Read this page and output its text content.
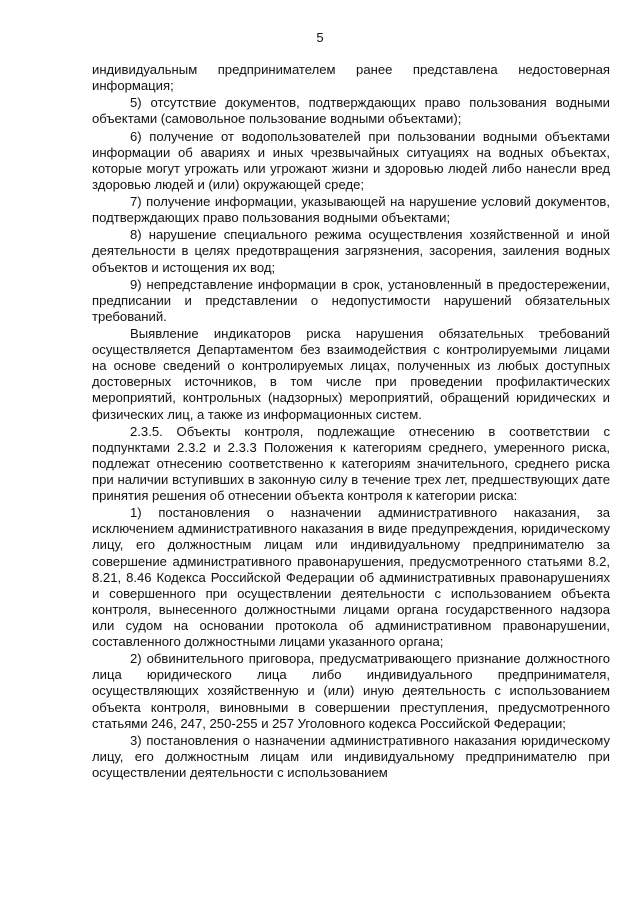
5

индивидуальным предпринимателем ранее представлена недостоверная информация;

5) отсутствие документов, подтверждающих право пользования водными объектами (самовольное пользование водными объектами);

6) получение от водопользователей при пользовании водными объектами информации об авариях и иных чрезвычайных ситуациях на водных объектах, которые могут угрожать или угрожают жизни и здоровью людей либо нанесли вред здоровью людей и (или) окружающей среде;

7) получение информации, указывающей на нарушение условий документов, подтверждающих право пользования водными объектами;

8) нарушение специального режима осуществления хозяйственной и иной деятельности в целях предотвращения загрязнения, засорения, заиления водных объектов и истощения их вод;

9) непредставление информации в срок, установленный в предостережении, предписании и представлении о недопустимости нарушений обязательных требований.

Выявление индикаторов риска нарушения обязательных требований осуществляется Департаментом без взаимодействия с контролируемыми лицами на основе сведений о контролируемых лицах, полученных из любых доступных достоверных источников, в том числе при проведении профилактических мероприятий, контрольных (надзорных) мероприятий, обращений юридических и физических лиц, а также из информационных систем.

2.3.5. Объекты контроля, подлежащие отнесению в соответствии с подпунктами 2.3.2 и 2.3.3 Положения к категориям среднего, умеренного риска, подлежат отнесению соответственно к категориям значительного, среднего риска при наличии вступивших в законную силу в течение трех лет, предшествующих дате принятия решения об отнесении объекта контроля к категории риска:

1) постановления о назначении административного наказания, за исключением административного наказания в виде предупреждения, юридическому лицу, его должностным лицам или индивидуальному предпринимателю за совершение административного правонарушения, предусмотренного статьями 8.2, 8.21, 8.46 Кодекса Российской Федерации об административных правонарушениях и совершенного при осуществлении деятельности с использованием объекта контроля, вынесенного должностными лицами органа государственного надзора или судом на основании протокола об административном правонарушении, составленного должностными лицами указанного органа;

2) обвинительного приговора, предусматривающего признание должностного лица юридического лица либо индивидуального предпринимателя, осуществляющих хозяйственную и (или) иную деятельность с использованием объекта контроля, виновными в совершении преступления, предусмотренного статьями 246, 247, 250-255 и 257 Уголовного кодекса Российской Федерации;

3) постановления о назначении административного наказания юридическому лицу, его должностным лицам или индивидуальному предпринимателю при осуществлении деятельности с использованием
